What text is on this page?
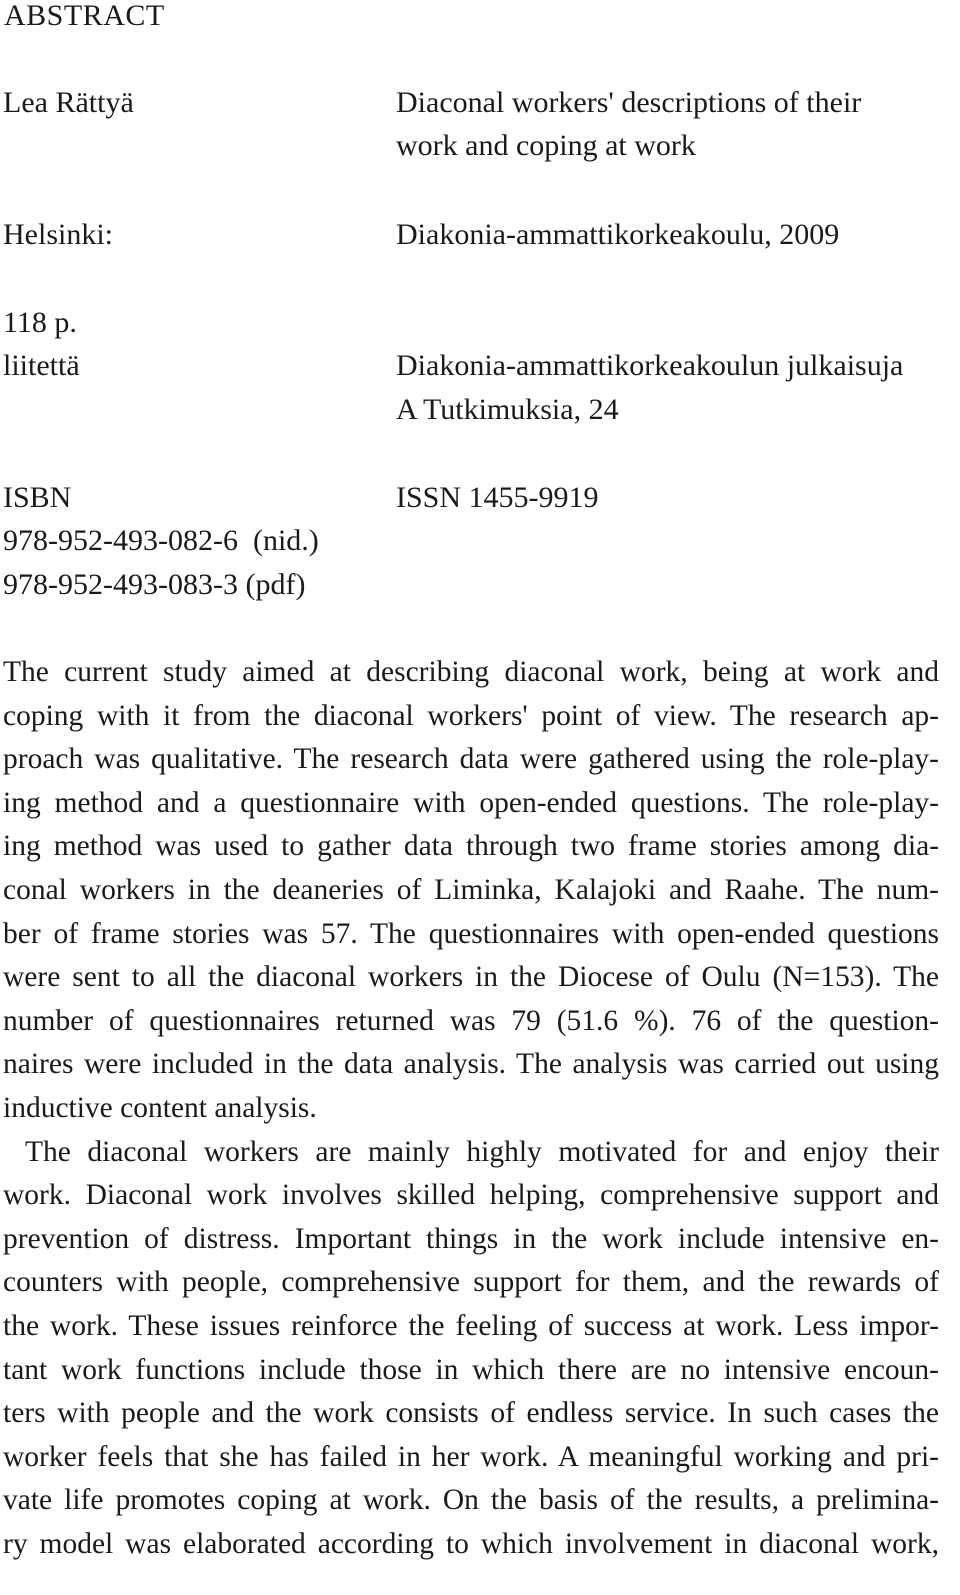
ABSTRACT
Lea Rättyä	Diaconal workers' descriptions of their
work and coping at work
Helsinki:	Diakonia-ammattikorkeakoulu, 2009
118 p.
liitettä	Diakonia-ammattikorkeakoulun julkaisuja
A Tutkimuksia, 24
ISBN	ISSN 1455-9919
978-952-493-082-6  (nid.)
978-952-493-083-3 (pdf)

The current study aimed at describing diaconal work, being at work and
coping with it from the diaconal workers' point of view. The research ap-
proach was qualitative. The research data were gathered using the role-play-
ing method and a questionnaire with open-ended questions. The role-play-
ing method was used to gather data through two frame stories among dia-
conal workers in the deaneries of Liminka, Kalajoki and Raahe. The num-
ber of frame stories was 57. The questionnaires with open-ended questions
were sent to all the diaconal workers in the Diocese of Oulu (N=153). The
number of questionnaires returned was 79 (51.6 %). 76 of the question-
naires were included in the data analysis. The analysis was carried out using
inductive content analysis.

The diaconal workers are mainly highly motivated for and enjoy their
work. Diaconal work involves skilled helping, comprehensive support and
prevention of distress. Important things in the work include intensive en-
counters with people, comprehensive support for them, and the rewards of
the work. These issues reinforce the feeling of success at work. Less impor-
tant work functions include those in which there are no intensive encoun-
ters with people and the work consists of endless service. In such cases the
worker feels that she has failed in her work. A meaningful working and pri-
vate life promotes coping at work. On the basis of the results, a prelimina-
ry model was elaborated according to which involvement in diaconal work,
